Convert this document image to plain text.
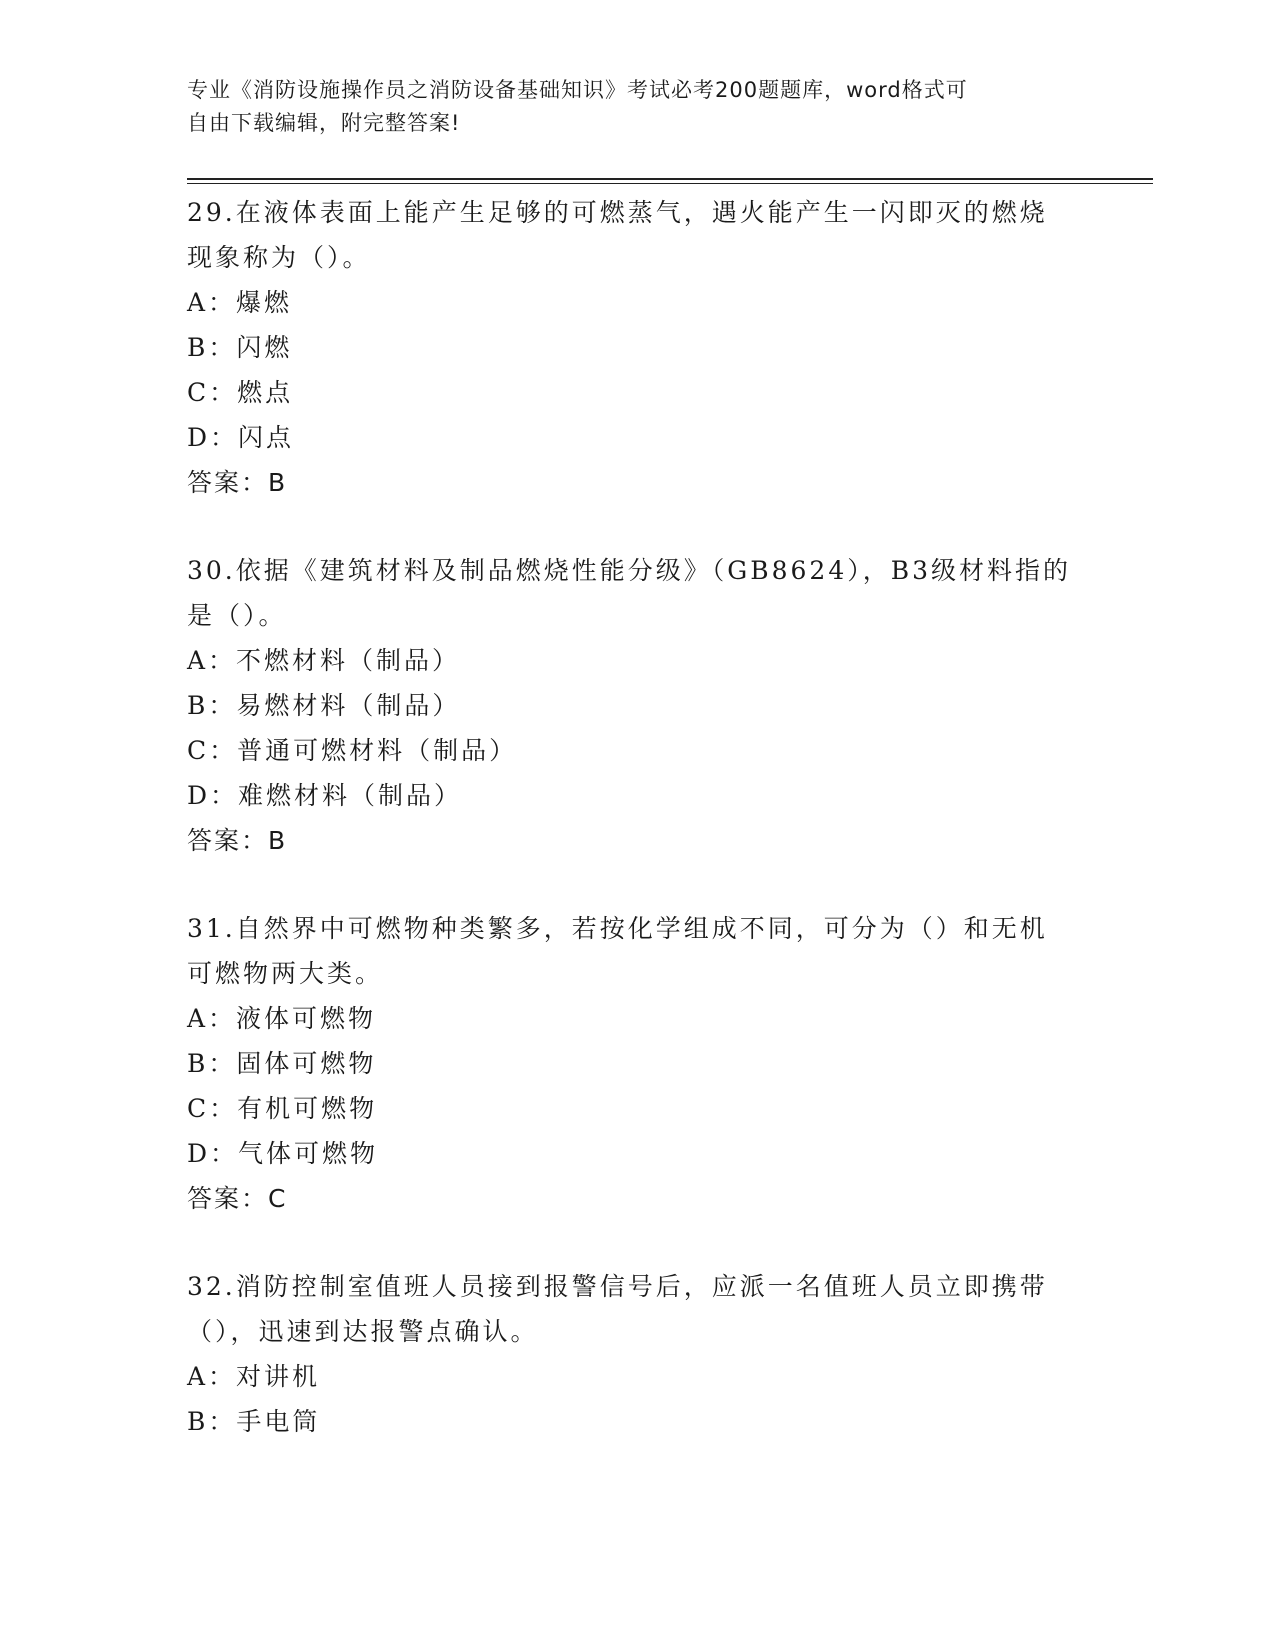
专业《消防设施操作员之消防设备基础知识》考试必考200题题库，word格式可
自由下载编辑，附完整答案!

29.在液体表面上能产生足够的可燃蒸气，遇火能产生一闪即灭的燃烧

现象称为（）。

A：爆燃

B：闪燃

C：燃点

D：闪点

答案：B

30.依据《建筑材料及制品燃烧性能分级》（GB8624），B3级材料指的

是（）。

A：不燃材料（制品）

B：易燃材料（制品）

C：普通可燃材料（制品）

D：难燃材料（制品）

答案：B

31.自然界中可燃物种类繁多，若按化学组成不同，可分为（）和无机

可燃物两大类。

A：液体可燃物

B：固体可燃物

C：有机可燃物

D：气体可燃物

答案：C

32.消防控制室值班人员接到报警信号后，应派一名值班人员立即携带

（），迅速到达报警点确认。

A：对讲机

B：手电筒
